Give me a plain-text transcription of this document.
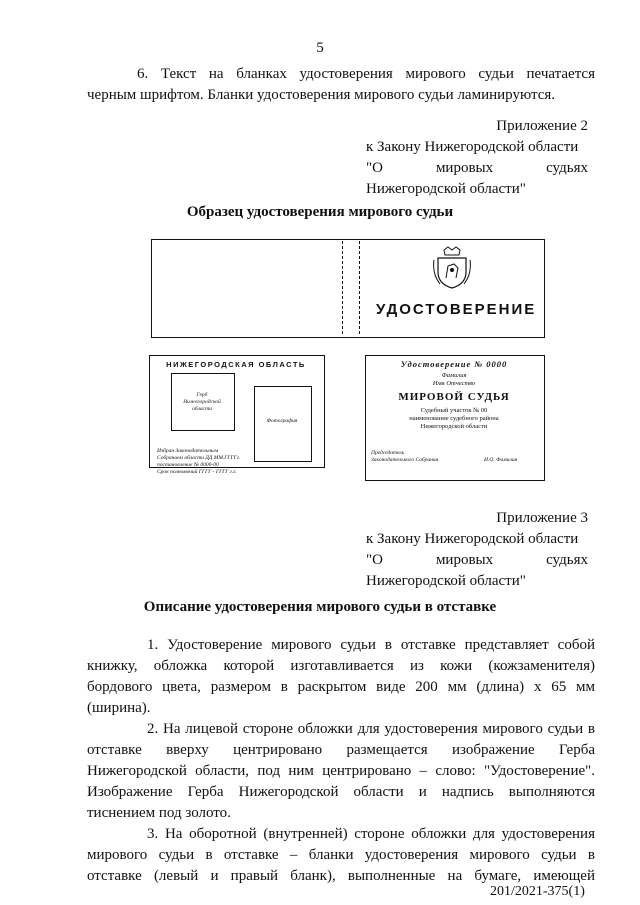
5
6. Текст на бланках удостоверения мирового судьи печатается
черным шрифтом. Бланки удостоверения мирового судьи ламинируются.
Приложение 2
к Закону Нижегородской области
"О	мировых	судьях
Нижегородской области"
Образец удостоверения мирового судьи
УДОСТОВЕРЕНИЕ
НИЖЕГОРОДСКАЯ ОБЛАСТЬ
Герб
Нижегородской
области
Фотография
Избран Законодательным
Собранием области ДД.ММ.ГГГГг.
постановление № 0000-00
Срок полномочий ГГГГ - ГГГГ г.г.
Удостоверение № 0000
Фамилия
Имя Отчество
МИРОВОЙ СУДЬЯ
Судебный участок № 00
наименование судебного района
Нижегородской области
Председатель
Законодательного Собрания	И.О. Фамилия
Приложение 3
к Закону Нижегородской области
"О	мировых	судьях
Нижегородской области"
Описание удостоверения мирового судьи в отставке
1. Удостоверение мирового судьи в отставке представляет собой
книжку, обложка которой изготавливается из кожи (кожзаменителя)
бордового цвета, размером в раскрытом виде 200 мм (длина) х 65 мм
(ширина).
2. На лицевой стороне обложки для удостоверения мирового судьи в
отставке вверху центрировано размещается изображение Герба
Нижегородской области, под ним центрировано – слово: "Удостоверение".
Изображение Герба Нижегородской области и надпись выполняются
тиснением под золото.
3. На оборотной (внутренней) стороне обложки для удостоверения
мирового судьи в отставке – бланки удостоверения мирового судьи в
отставке (левый и правый бланк), выполненные на бумаге, имеющей
201/2021-375(1)
